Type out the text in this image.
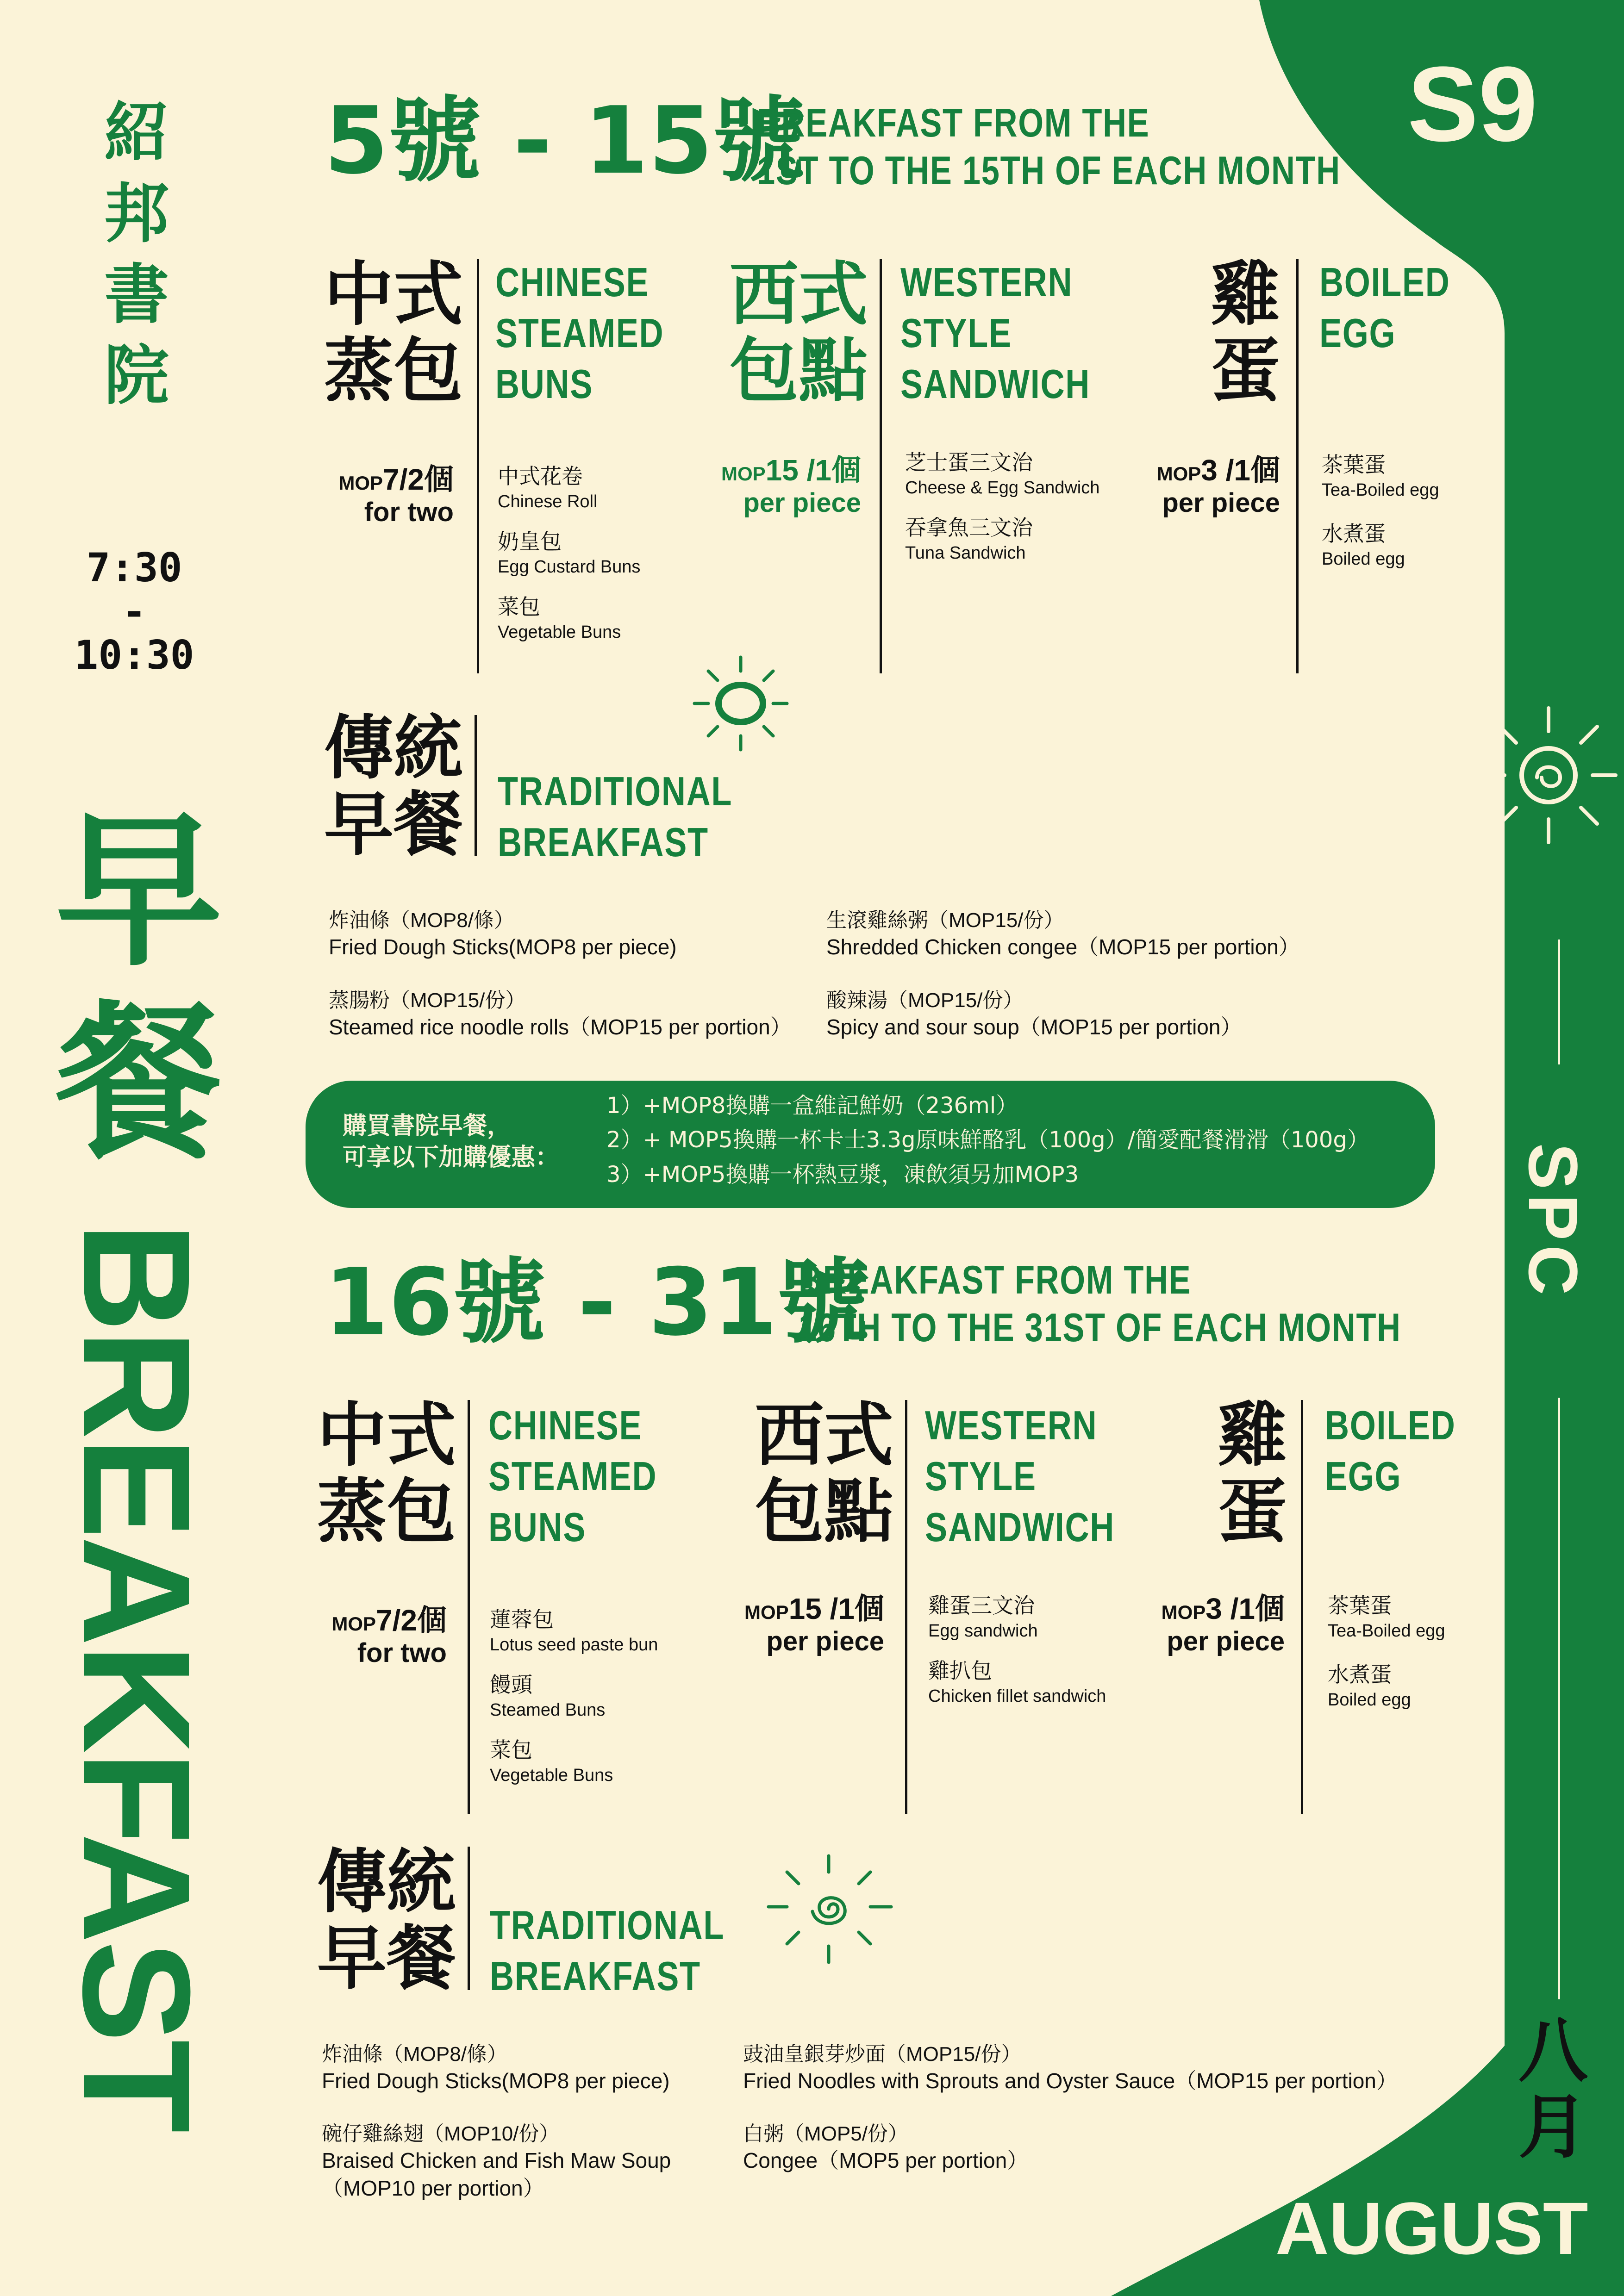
紹
邦
書
院
7:30
-
10:30
早
餐
BREAKFAST
S9
SPC
八
月
AUGUST
5號 - 15號
BREAKFAST FROM THE
1ST TO THE 15TH OF EACH MONTH
中式
蒸包
CHINESE
STEAMED
BUNS
MOP7/2個
for two
中式花卷
Chinese Roll
奶皇包
Egg Custard Buns
菜包
Vegetable Buns
西式
包點
WESTERN
STYLE
SANDWICH
MOP15 /1個
per piece
芝士蛋三文治
Cheese & Egg Sandwich
吞拿魚三文治
Tuna Sandwich
雞
蛋
BOILED
EGG
MOP3 /1個
per piece
茶葉蛋
Tea-Boiled egg
水煮蛋
Boiled egg
傳統
早餐 TRADITIONAL
BREAKFAST
炸油條（MOP8/條）
Fried Dough Sticks(MOP8 per piece)
生滾雞絲粥（MOP15/份）
Shredded Chicken congee（MOP15 per portion）
蒸腸粉（MOP15/份）
Steamed rice noodle rolls（MOP15 per portion）
酸辣湯（MOP15/份）
Spicy and sour soup（MOP15 per portion）
購買書院早餐，
可享以下加購優惠：
1）+MOP8換購一盒維記鮮奶（236ml）
2）+ MOP5換購一杯卡士3.3g原味鮮酪乳（100g）/簡愛配餐滑滑（100g）
3）+MOP5換購一杯熱豆漿，凍飲須另加MOP3
16號 - 31號
BREAKFAST FROM THE
16TH TO THE 31ST OF EACH MONTH
中式
蒸包
CHINESE
STEAMED
BUNS
MOP7/2個
for two
蓮蓉包
Lotus seed paste bun
饅頭
Steamed Buns
菜包
Vegetable Buns
西式
包點
WESTERN
STYLE
SANDWICH
MOP15 /1個
per piece
雞蛋三文治
Egg sandwich
雞扒包
Chicken fillet sandwich
雞
蛋
BOILED
EGG
MOP3 /1個
per piece
茶葉蛋
Tea-Boiled egg
水煮蛋
Boiled egg
傳統
早餐 TRADITIONAL
BREAKFAST
炸油條（MOP8/條）
Fried Dough Sticks(MOP8 per piece)
豉油皇銀芽炒面（MOP15/份）
Fried Noodles with Sprouts and Oyster Sauce（MOP15 per portion）
碗仔雞絲翅（MOP10/份）
Braised Chicken and Fish Maw Soup
（MOP10 per portion）
白粥（MOP5/份）
Congee（MOP5 per portion）
